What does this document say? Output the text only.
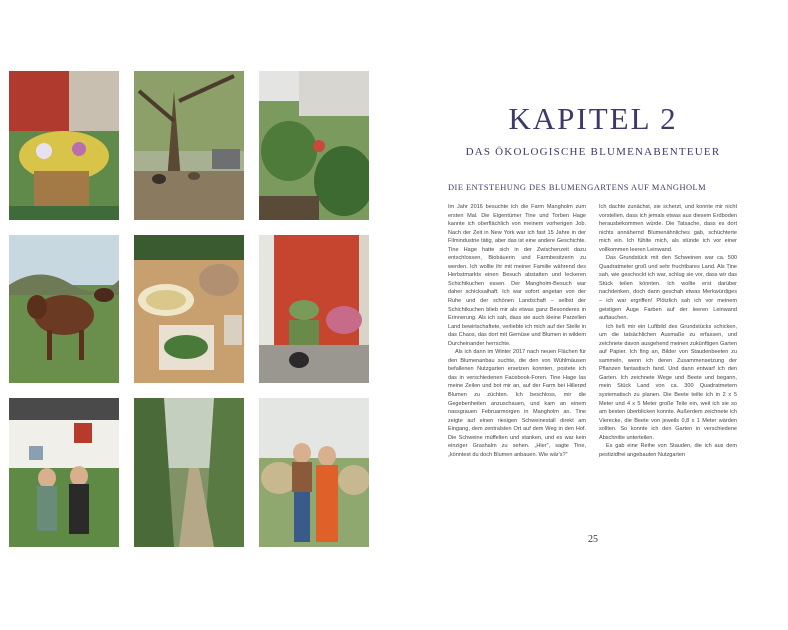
KAPITEL 2
DAS ÖKOLOGISCHE BLUMENABENTEUER
DIE ENTSTEHUNG DES BLUMENGARTENS AUF MANGHOLM

Im Jahr 2016 besuchte ich die Farm Mangholm zum ersten Mal. Die Eigentümer Tine und Torben Hage kannte ich oberflächlich von meinem vorherigen Job. Nach der Zeit in New York war ich fast 15 Jahre in der Filmindustrie tätig, aber das ist eine andere Geschichte. Tine Hage hatte sich in der Zwischenzeit dazu entschlossen, Biobäuerin und Farmbesitzerin zu werden. Ich wollte ihr mit meiner Familie während des Herbstmarkts einen Besuch abstatten und leckeren Schichtkuchen essen. Der Mangholm-Besuch war daher schicksalhaft. Ich war sofort angetan von der Ruhe und der schönen Landschaft – selbst der Schichtkuchen blieb mir als etwas ganz Besonderes in Erinnerung. Als ich sah, dass sie auch kleine Parzellen Land bewirtschaftete, verliebte ich mich auf der Stelle in das Chaos, das dort mit Gemüse und Blumen in wildem Durcheinander herrschte.

Als ich dann im Winter 2017 nach neuen Flächen für den Blumenanbau suchte, die den von Wühlmäusen befallenen Nutzgarten ersetzen konnten, postete ich das in verschiedenen Facebook-Foren. Tine Hage las meine Zeilen und bot mir an, auf der Farm bei Hillerød Blumen zu züchten. Ich beschloss, mir die Gegebenheiten anzuschauen, und kam an einem nassgrauen Februarmorgen in Mangholm an. Tine zeigte auf einen riesigen Schweinestall direkt am Eingang, dem zentralsten Ort auf dem Weg in den Hof. Die Schweine müffelten und stanken, und es war kein einziger Grashalm zu sehen. „Hier", sagte Tine, „könntest du doch Blumen anbauen. Wie wär's?"

Ich dachte zunächst, sie scherzt, und konnte mir nicht vorstellen, dass ich jemals etwas aus diesem Erdboden herausbekommen würde. Die Tatsache, dass es dort nichts annähernd Blumenähnliches gab, schüchterte mich ein. Ich fühlte mich, als stünde ich vor einer vollkommen leeren Leinwand.

Das Grundstück mit den Schweinen war ca. 500 Quadratmeter groß und sehr fruchtbares Land. Als Tine sah, wie geschockt ich war, schlug sie vor, dass wir das Stück teilen könnten. Ich wollte erst darüber nachdenken, doch dann geschah etwas Merkwürdiges – ich war ergriffen! Plötzlich sah ich vor meinem geistigen Auge Farben auf der leeren Leinwand auftauchen.

Ich ließ mir ein Luftbild des Grundstücks schicken, um die tatsächlichen Ausmaße zu erfassen, und zeichnete davon ausgehend meinen zukünftigen Garten auf Papier. Ich fing an, Bilder von Staudenbeeten zu sammeln, wenn ich deren Zusammensetzung der Pflanzen fantastisch fand. Und dann entwarf ich den Garten. Ich zeichnete Wege und Beete und begann, mein Stück Land von ca. 300 Quadratmetern systematisch zu planen. Die Beete teilte ich in 2 x 5 Meter und 4 x 5 Meter große Teile ein, weil ich sie so am besten überblicken konnte. Außerdem zeichnete ich Vierecke, die Beete von jeweils 0,8 x 1 Meter wärden sollten. So konnte ich den Garten in verschiedene Abschnitte unterteilen.

Es gab eine Reihe von Stauden, die ich aus dem pestizidfrei angebauten Nutzgarten

25
